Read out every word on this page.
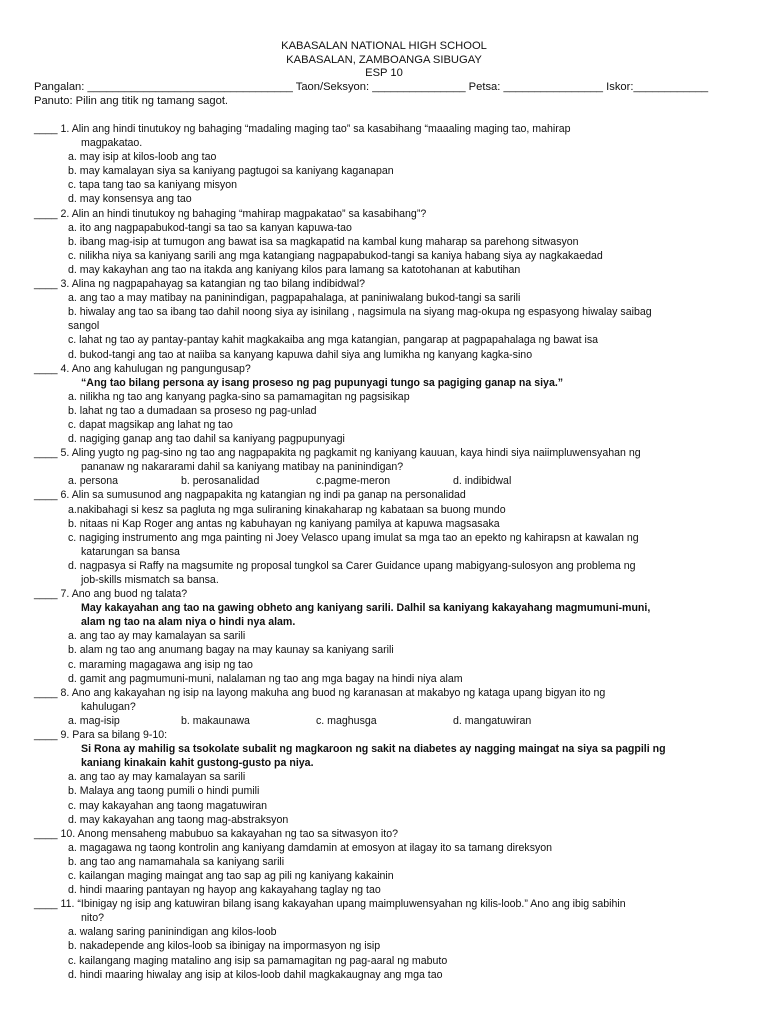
KABASALAN NATIONAL HIGH SCHOOL
KABASALAN, ZAMBOANGA SIBUGAY
ESP 10
Pangalan: _________________________________ Taon/Seksyon: _______________ Petsa: ________________ Iskor:____________
Panuto: Pilin ang titik ng tamang sagot.
____ 1. Alin ang hindi tinutukoy ng bahaging “madaling maging tao” sa kasabihang “maaaling maging tao, mahirap
magpakatao.
a. may isip at kilos-loob ang tao
b. may kamalayan siya sa kaniyang pagtugoi sa kaniyang kaganapan
c. tapa tang tao sa kaniyang misyon
d. may konsensya ang tao
____ 2. Alin an hindi tinutukoy ng bahaging “mahirap magpakatao” sa kasabihang”?
a. ito ang nagpapabukod-tangi sa tao sa kanyan kapuwa-tao
b. ibang mag-isip at tumugon ang bawat isa sa magkapatid na kambal kung maharap sa parehong sitwasyon
c. nilikha niya sa kaniyang sarili ang mga katangiang nagpapabukod-tangi sa kaniya habang siya ay nagkakaedad
d. may kakayhan ang tao na itakda ang kaniyang kilos para lamang sa katotohanan at kabutihan
____ 3. Alina ng nagpapahayag sa katangian ng tao bilang indibidwal?
a. ang tao a may matibay na paninindigan, pagpapahalaga, at paniniwalang bukod-tangi sa sarili
b. hiwalay ang tao sa ibang tao dahil noong siya ay isinilang , nagsimula na siyang mag-okupa ng espasyong hiwalay saibag
sangol
c. lahat ng tao ay pantay-pantay kahit magkakaiba ang mga katangian, pangarap at pagpapahalaga ng bawat isa
d. bukod-tangi ang tao at naiiba sa kanyang kapuwa dahil siya ang lumikha ng kanyang kagka-sino
____ 4. Ano ang kahulugan ng pangungusap?
“Ang tao bilang persona ay isang proseso ng pag pupunyagi tungo sa pagiging ganap na siya.”
a. nilikha ng tao ang kanyang pagka-sino sa pamamagitan ng pagsisikap
b. lahat ng tao a dumadaan sa proseso ng pag-unlad
c. dapat magsikap ang lahat ng tao
d. nagiging ganap ang tao dahil sa kaniyang pagpupunyagi
____ 5. Aling yugto ng pag-sino ng tao ang nagpapakita ng pagkamit ng kaniyang kauuan, kaya hindi siya naiimpluwensyahan ng
pananaw ng nakararami dahil sa kaniyang matibay na paninindigan?
a. persona	b. perosanalidad	c.pagme-meron	d. indibidwal
____ 6. Alin sa sumusunod ang nagpapakita ng katangian ng indi pa ganap na personalidad
a.nakibahagi si kesz sa pagluta ng mga suliraning kinakaharap ng kabataan sa buong mundo
b. nitaas ni Kap Roger ang antas ng kabuhayan ng kaniyang pamilya at kapuwa magsasaka
c. nagiging instrumento ang mga painting ni Joey Velasco upang imulat sa mga tao an epekto ng kahirapsn at kawalan ng
katarungan sa bansa
d. nagpasya si Raffy na magsumite ng proposal tungkol sa Carer Guidance upang mabigyang-sulosyon ang problema ng
job-skills mismatch sa bansa.
____ 7. Ano ang buod ng talata?
May kakayahan ang tao na gawing obheto ang kaniyang sarili. Dalhil sa kaniyang kakayahang magmumuni-muni,
alam ng tao na alam niya o hindi nya alam.
a. ang tao ay may kamalayan sa sarili
b. alam ng tao ang anumang bagay na may kaunay sa kaniyang sarili
c. maraming magagawa ang isip ng tao
d. gamit ang pagmumuni-muni, nalalaman ng tao ang mga bagay na hindi niya alam
____ 8. Ano ang kakayahan ng isip na layong makuha ang buod ng karanasan at makabyo ng kataga upang bigyan ito ng
kahulugan?
a. mag-isip	b. makaunawa	c. maghusga	d. mangatuwiran
____ 9. Para sa bilang 9-10:
Si Rona ay mahilig sa tsokolate subalit ng magkaroon ng sakit na diabetes ay nagging maingat na siya sa pagpili ng
kaniang kinakain kahit gustong-gusto pa niya.
a. ang tao ay may kamalayan sa sarili
b. Malaya ang taong pumili o hindi pumili
c. may kakayahan ang taong magatuwiran
d. may kakayahan ang taong mag-abstraksyon
____ 10. Anong mensaheng mabubuo sa kakayahan ng tao sa sitwasyon ito?
a. magagawa ng taong kontrolin ang kaniyang damdamin at emosyon at ilagay ito sa tamang direksyon
b. ang tao ang namamahala sa kaniyang sarili
c. kailangan maging maingat ang tao sap ag pili ng kaniyang kakainin
d. hindi maaring pantayan ng hayop ang kakayahang taglay ng tao
____ 11. “Ibinigay ng isip ang katuwiran bilang isang kakayahan upang maimpluwensyahan ng kilis-loob.” Ano ang ibig sabihin
nito?
a. walang saring paninindigan ang kilos-loob
b. nakadepende ang kilos-loob sa ibinigay na impormasyon ng isip
c. kailangang maging matalino ang isip sa pamamagitan ng pag-aaral ng mabuto
d. hindi maaring hiwalay ang isip at kilos-loob dahil magkakaugnay ang mga tao
